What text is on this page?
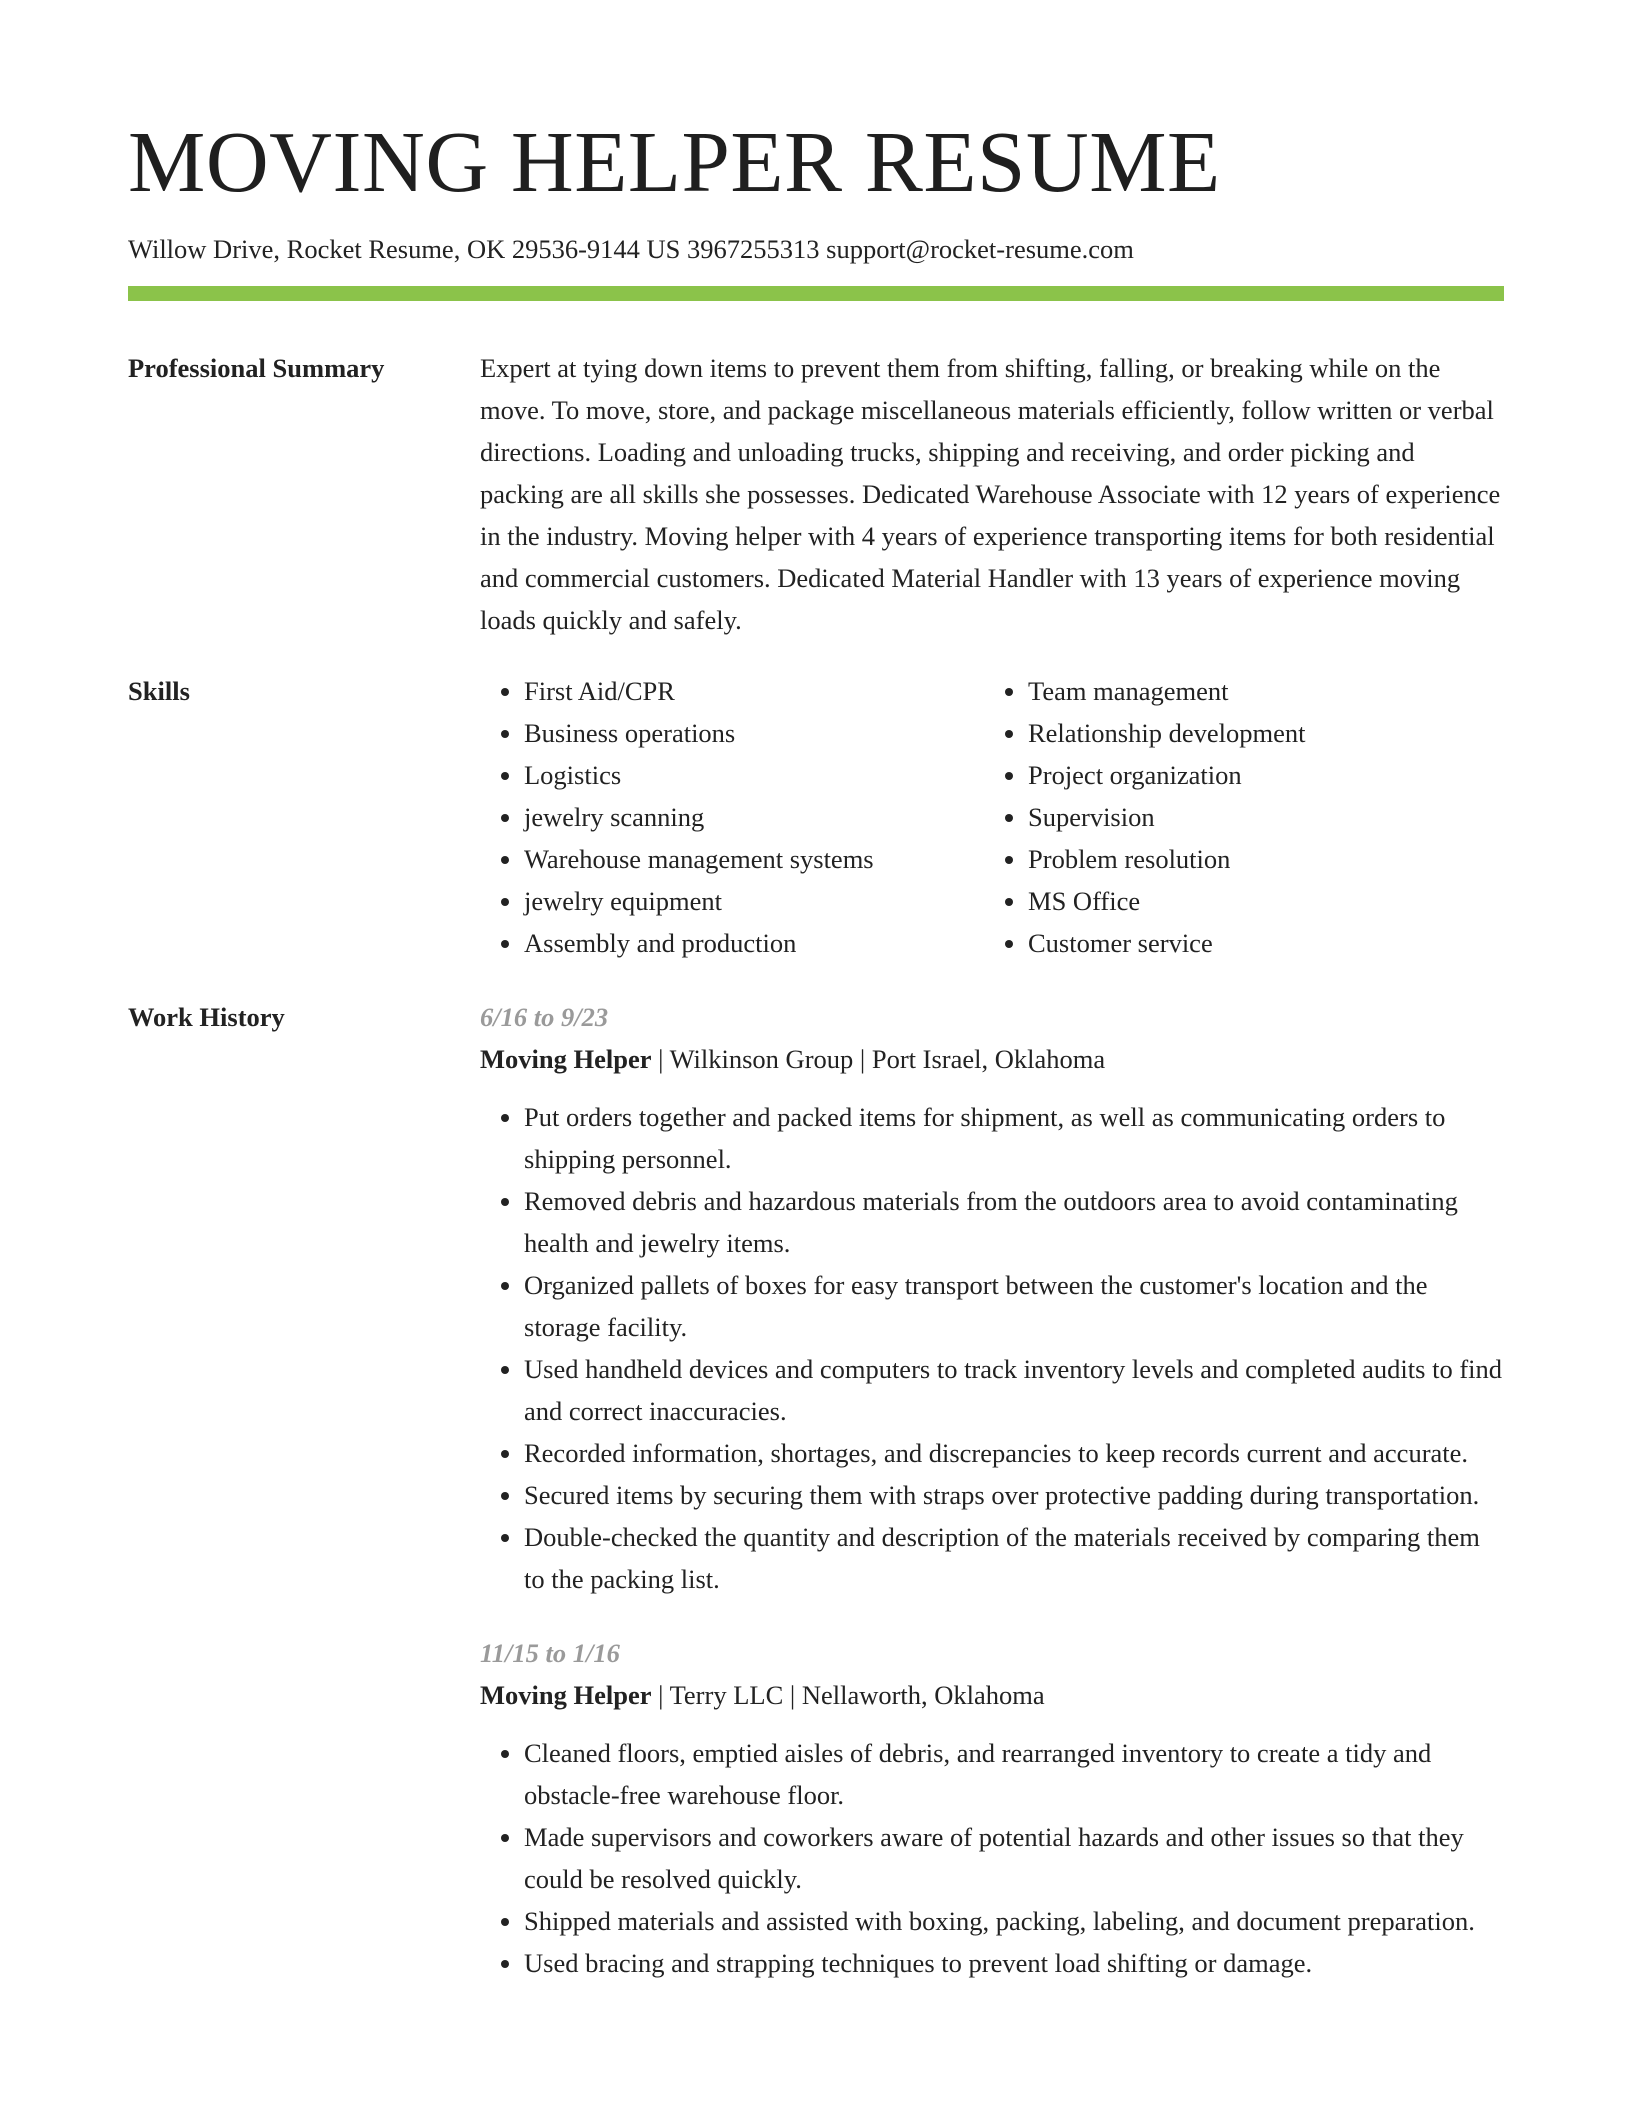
MOVING HELPER RESUME
Willow Drive, Rocket Resume, OK 29536-9144 US 3967255313 support@rocket-resume.com
Professional Summary	Expert at tying down items to prevent them from shifting, falling, or breaking while on the move. To move, store, and package miscellaneous materials efficiently, follow written or verbal directions. Loading and unloading trucks, shipping and receiving, and order picking and packing are all skills she possesses. Dedicated Warehouse Associate with 12 years of experience in the industry. Moving helper with 4 years of experience transporting items for both residential and commercial customers. Dedicated Material Handler with 13 years of experience moving loads quickly and safely.

Skills
•	First Aid/CPR
• Business operations
• Logistics
• jewelry scanning
• Warehouse management systems
• jewelry equipment
• Assembly and production
• Team management
• Relationship development
• Project organization
• Supervision
• Problem resolution
• MS Office
• Customer service
Work History	6/16 to 9/23
Moving Helper | Wilkinson Group | Port Israel, Oklahoma
• Put orders together and packed items for shipment, as well as communicating orders to shipping personnel.
• Removed debris and hazardous materials from the outdoors area to avoid contaminating health and jewelry items.
• Organized pallets of boxes for easy transport between the customer's location and the storage facility.
• Used handheld devices and computers to track inventory levels and completed audits to find and correct inaccuracies.
• Recorded information, shortages, and discrepancies to keep records current and accurate.
• Secured items by securing them with straps over protective padding during transportation.
• Double-checked the quantity and description of the materials received by comparing them to the packing list.
11/15 to 1/16
Moving Helper | Terry LLC | Nellaworth, Oklahoma
• Cleaned floors, emptied aisles of debris, and rearranged inventory to create a tidy and obstacle-free warehouse floor.
• Made supervisors and coworkers aware of potential hazards and other issues so that they could be resolved quickly.
• Shipped materials and assisted with boxing, packing, labeling, and document preparation.
• Used bracing and strapping techniques to prevent load shifting or damage.
